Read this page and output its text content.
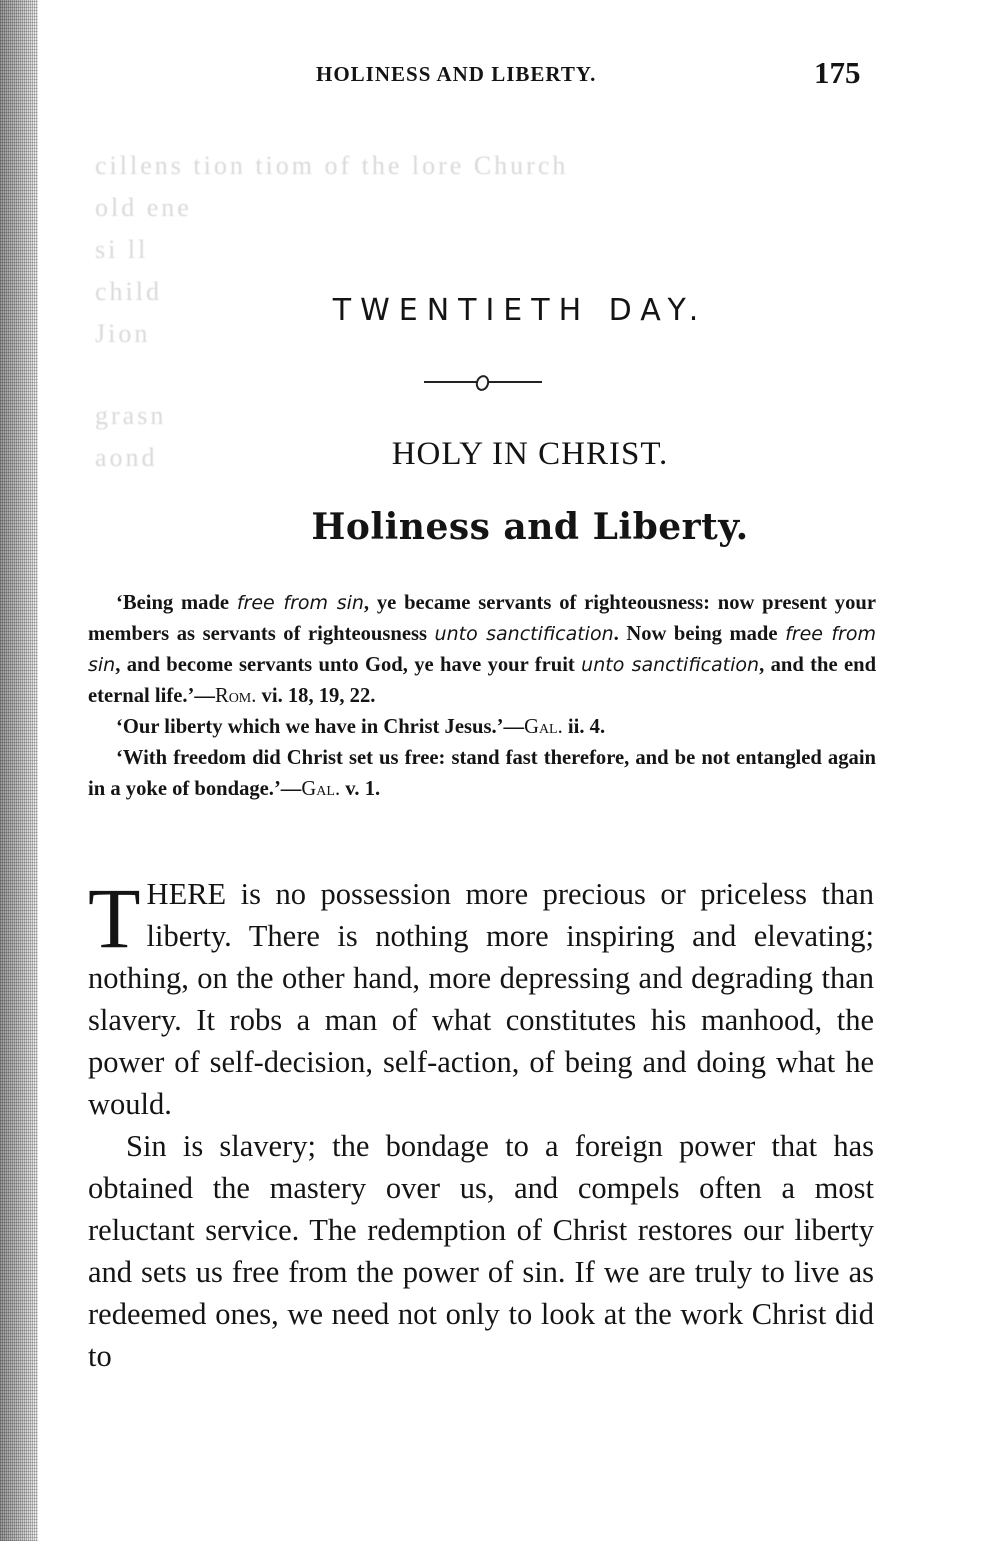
cillens tion tiom of the lore Church
old ene
si ll
child
Jion
grasn
aond
HOLINESS AND LIBERTY.	175
TWENTIETH DAY.
HOLY IN CHRIST.
Holiness and Liberty.

‘Being made free from sin, ye became servants of righteousness: now present your members as servants of righteousness unto sanctification. Now being made free from sin, and become servants unto God, ye have your fruit unto sanctification, and the end eternal life.’—Rom. vi. 18, 19, 22.

‘Our liberty which we have in Christ Jesus.’—Gal. ii. 4.

‘With freedom did Christ set us free: stand fast therefore, and be not entangled again in a yoke of bondage.’—Gal. v. 1.

THERE is no possession more precious or priceless than liberty. There is nothing more inspiring and elevating; nothing, on the other hand, more depressing and degrading than slavery. It robs a man of what constitutes his manhood, the power of self-decision, self-action, of being and doing what he would.

Sin is slavery; the bondage to a foreign power that has obtained the mastery over us, and compels often a most reluctant service. The redemption of Christ restores our liberty and sets us free from the power of sin. If we are truly to live as redeemed ones, we need not only to look at the work Christ did to
